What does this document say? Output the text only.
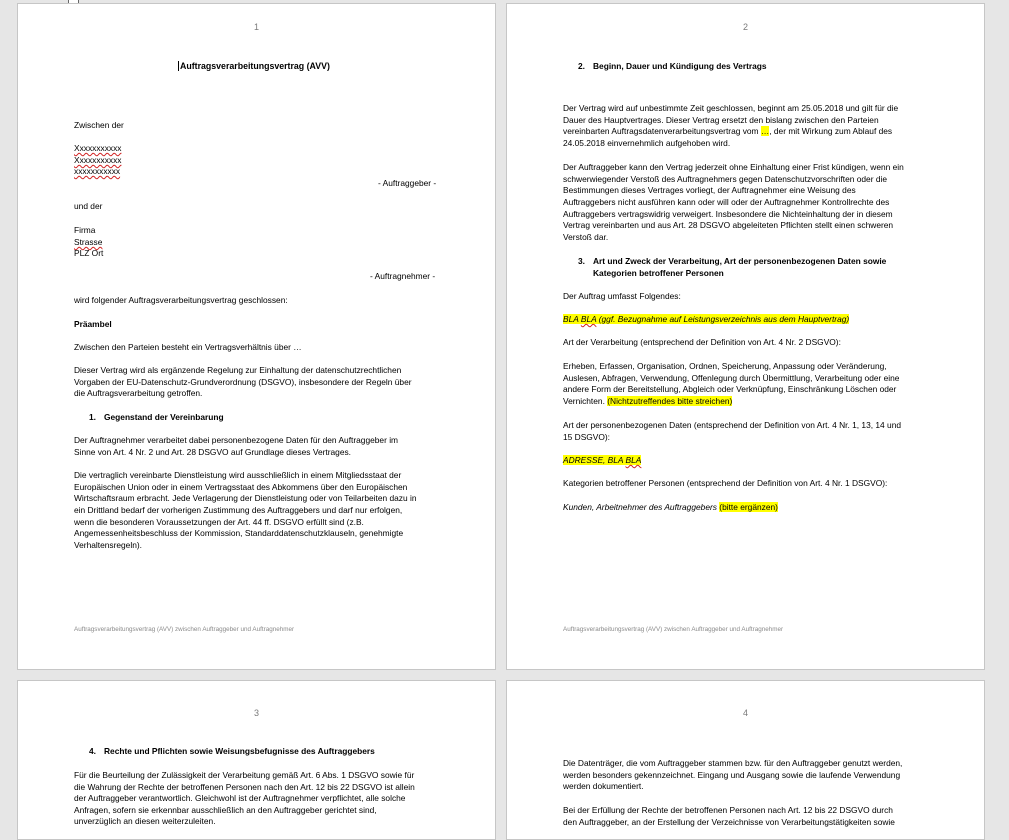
1
Auftragsverarbeitungsvertrag (AVV)
Zwischen der
Xxxxxxxxxxx
Xxxxxxxxxxx
xxxxxxxxxxx
- Auftraggeber -
und der
Firma
Strasse
PLZ Ort
- Auftragnehmer -
wird folgender Auftragsverarbeitungsvertrag geschlossen:
Präambel
Zwischen den Parteien besteht ein Vertragsverhältnis über …
Dieser Vertrag wird als ergänzende Regelung zur Einhaltung der datenschutzrechtlichen
Vorgaben der EU-Datenschutz-Grundverordnung (DSGVO), insbesondere der Regeln über
die Auftragsverarbeitung getroffen.
1. Gegenstand der Vereinbarung
Der Auftragnehmer verarbeitet dabei personenbezogene Daten für den Auftraggeber im
Sinne von Art. 4 Nr. 2 und Art. 28 DSGVO auf Grundlage dieses Vertrages.
Die vertraglich vereinbarte Dienstleistung wird ausschließlich in einem Mitgliedsstaat der
Europäischen Union oder in einem Vertragsstaat des Abkommens über den Europäischen
Wirtschaftsraum erbracht. Jede Verlagerung der Dienstleistung oder von Teilarbeiten dazu in
ein Drittland bedarf der vorherigen Zustimmung des Auftraggebers und darf nur erfolgen,
wenn die besonderen Voraussetzungen der Art. 44 ff. DSGVO erfüllt sind (z.B.
Angemessenheitsbeschluss der Kommission, Standarddatenschutzklauseln, genehmigte
Verhaltensregeln).
Auftragsverarbeitungsvertrag (AVV) zwischen Auftraggeber und Auftragnehmer
2
2. Beginn, Dauer und Kündigung des Vertrags
Der Vertrag wird auf unbestimmte Zeit geschlossen, beginnt am 25.05.2018 und gilt für die
Dauer des Hauptvertrages. Dieser Vertrag ersetzt den bislang zwischen den Parteien
vereinbarten Auftragsdatenverarbeitungsvertrag vom …, der mit Wirkung zum Ablauf des
24.05.2018 einvernehmlich aufgehoben wird.
Der Auftraggeber kann den Vertrag jederzeit ohne Einhaltung einer Frist kündigen, wenn ein
schwerwiegender Verstoß des Auftragnehmers gegen Datenschutzvorschriften oder die
Bestimmungen dieses Vertrages vorliegt, der Auftragnehmer eine Weisung des
Auftraggebers nicht ausführen kann oder will oder der Auftragnehmer Kontrollrechte des
Auftraggebers vertragswidrig verweigert. Insbesondere die Nichteinhaltung der in diesem
Vertrag vereinbarten und aus Art. 28 DSGVO abgeleiteten Pflichten stellt einen schweren
Verstoß dar.
3. Art und Zweck der Verarbeitung, Art der personenbezogenen Daten sowie
Kategorien betroffener Personen
Der Auftrag umfasst Folgendes:
BLA BLA (ggf. Bezugnahme auf Leistungsverzeichnis aus dem Hauptvertrag)
Art der Verarbeitung (entsprechend der Definition von Art. 4 Nr. 2 DSGVO):
Erheben, Erfassen, Organisation, Ordnen, Speicherung, Anpassung oder Veränderung,
Auslesen, Abfragen, Verwendung, Offenlegung durch Übermittlung, Verarbeitung oder eine
andere Form der Bereitstellung, Abgleich oder Verknüpfung, Einschränkung Löschen oder
Vernichten. (Nichtzutreffendes bitte streichen)
Art der personenbezogenen Daten (entsprechend der Definition von Art. 4 Nr. 1, 13, 14 und
15 DSGVO):
ADRESSE, BLA BLA
Kategorien betroffener Personen (entsprechend der Definition von Art. 4 Nr. 1 DSGVO):
Kunden, Arbeitnehmer des Auftraggebers (bitte ergänzen)
Auftragsverarbeitungsvertrag (AVV) zwischen Auftraggeber und Auftragnehmer
3
4. Rechte und Pflichten sowie Weisungsbefugnisse des Auftraggebers
Für die Beurteilung der Zulässigkeit der Verarbeitung gemäß Art. 6 Abs. 1 DSGVO sowie für
die Wahrung der Rechte der betroffenen Personen nach den Art. 12 bis 22 DSGVO ist allein
der Auftraggeber verantwortlich. Gleichwohl ist der Auftragnehmer verpflichtet, alle solche
Anfragen, sofern sie erkennbar ausschließlich an den Auftraggeber gerichtet sind,
unverzüglich an diesen weiterzuleiten.
4
Die Datenträger, die vom Auftraggeber stammen bzw. für den Auftraggeber genutzt werden,
werden besonders gekennzeichnet. Eingang und Ausgang sowie die laufende Verwendung
werden dokumentiert.
Bei der Erfüllung der Rechte der betroffenen Personen nach Art. 12 bis 22 DSGVO durch
den Auftraggeber, an der Erstellung der Verzeichnisse von Verarbeitungstätigkeiten sowie
